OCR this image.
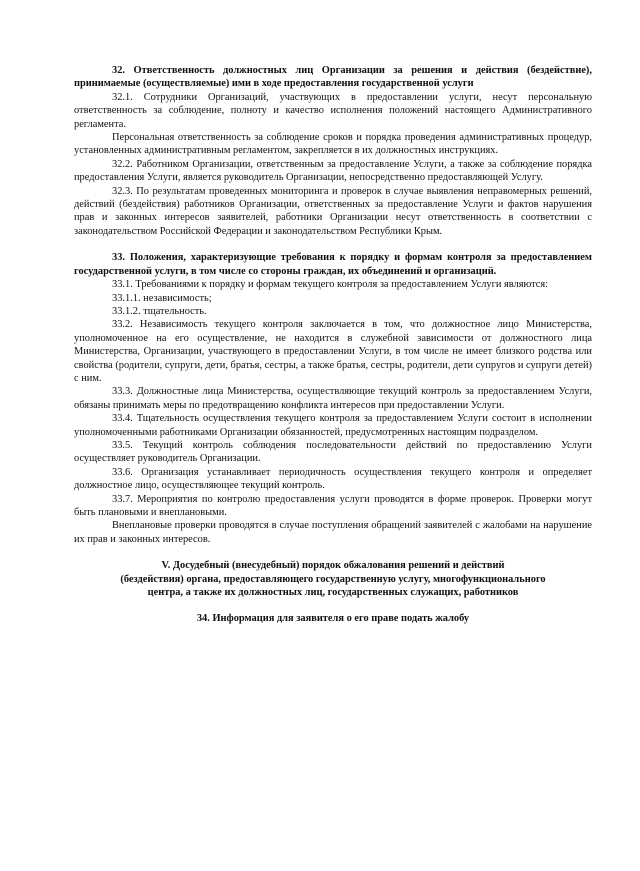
32. Ответственность должностных лиц Организации за решения и действия (бездействие), принимаемые (осуществляемые) ими в ходе предоставления государственной услуги

32.1. Сотрудники Организаций, участвующих в предоставлении услуги, несут персональную ответственность за соблюдение, полноту и качество исполнения положений настоящего Административного регламента.

Персональная ответственность за соблюдение сроков и порядка проведения административных процедур, установленных административным регламентом, закрепляется в их должностных инструкциях.

32.2. Работником Организации, ответственным за предоставление Услуги, а также за соблюдение порядка предоставления Услуги, является руководитель Организации, непосредственно предоставляющей Услугу.

32.3. По результатам проведенных мониторинга и проверок в случае выявления неправомерных решений, действий (бездействия) работников Организации, ответственных за предоставление Услуги и фактов нарушения прав и законных интересов заявителей, работники Организации несут ответственность в соответствии с законодательством Российской Федерации и законодательством Республики Крым.

33. Положения, характеризующие требования к порядку и формам контроля за предоставлением государственной услуги, в том числе со стороны граждан, их объединений и организаций.

33.1. Требованиями к порядку и формам текущего контроля за предоставлением Услуги являются:

33.1.1. независимость;

33.1.2. тщательность.

33.2. Независимость текущего контроля заключается в том, что должностное лицо Министерства, уполномоченное на его осуществление, не находится в служебной зависимости от должностного лица Министерства, Организации, участвующего в предоставлении Услуги, в том числе не имеет близкого родства или свойства (родители, супруги, дети, братья, сестры, а также братья, сестры, родители, дети супругов и супруги детей) с ним.

33.3. Должностные лица Министерства, осуществляющие текущий контроль за предоставлением Услуги, обязаны принимать меры по предотвращению конфликта интересов при предоставлении Услуги.

33.4. Тщательность осуществления текущего контроля за предоставлением Услуги состоит в исполнении уполномоченными работниками Организации обязанностей, предусмотренных настоящим подразделом.

33.5. Текущий контроль соблюдения последовательности действий по предоставлению Услуги осуществляет руководитель Организации.

33.6. Организация устанавливает периодичность осуществления текущего контроля и определяет должностное лицо, осуществляющее текущий контроль.

33.7. Мероприятия по контролю предоставления услуги проводятся в форме проверок. Проверки могут быть плановыми и внеплановыми.

Внеплановые проверки проводятся в случае поступления обращений заявителей с жалобами на нарушение их прав и законных интересов.

V. Досудебный (внесудебный) порядок обжалования решений и действий

(бездействия) органа, предоставляющего государственную услугу, многофункционального

центра, а также их должностных лиц, государственных служащих, работников

34. Информация для заявителя о его праве подать жалобу
